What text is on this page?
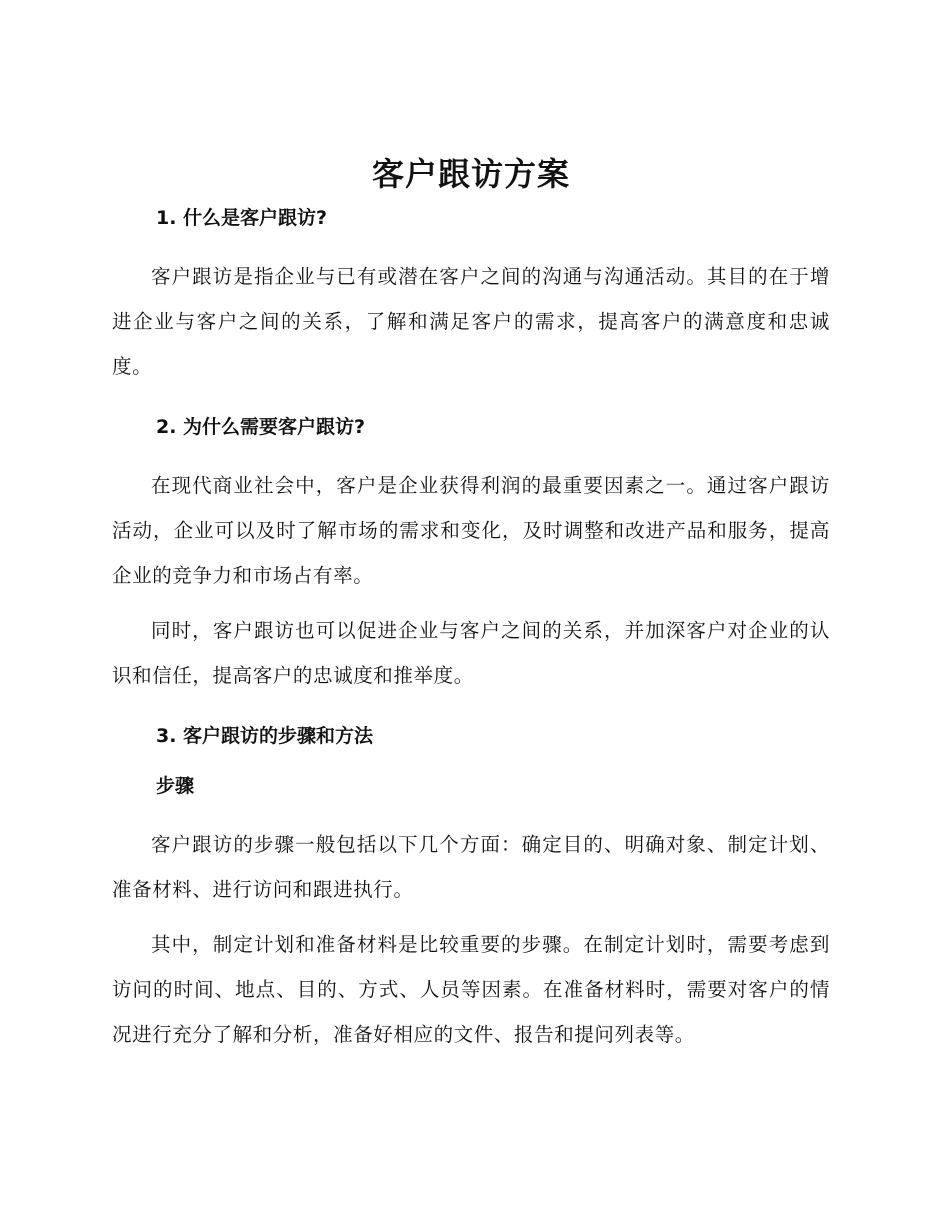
客户跟访方案
1. 什么是客户跟访?

客户跟访是指企业与已有或潜在客户之间的沟通与沟通活动。其目的在于增进企业与客户之间的关系，了解和满足客户的需求，提高客户的满意度和忠诚度。

2. 为什么需要客户跟访?

在现代商业社会中，客户是企业获得利润的最重要因素之一。通过客户跟访活动，企业可以及时了解市场的需求和变化，及时调整和改进产品和服务，提高企业的竞争力和市场占有率。

同时，客户跟访也可以促进企业与客户之间的关系，并加深客户对企业的认识和信任，提高客户的忠诚度和推举度。

3. 客户跟访的步骤和方法
步骤

客户跟访的步骤一般包括以下几个方面：确定目的、明确对象、制定计划、准备材料、进行访问和跟进执行。

其中，制定计划和准备材料是比较重要的步骤。在制定计划时，需要考虑到访问的时间、地点、目的、方式、人员等因素。在准备材料时，需要对客户的情况进行充分了解和分析，准备好相应的文件、报告和提问列表等。
